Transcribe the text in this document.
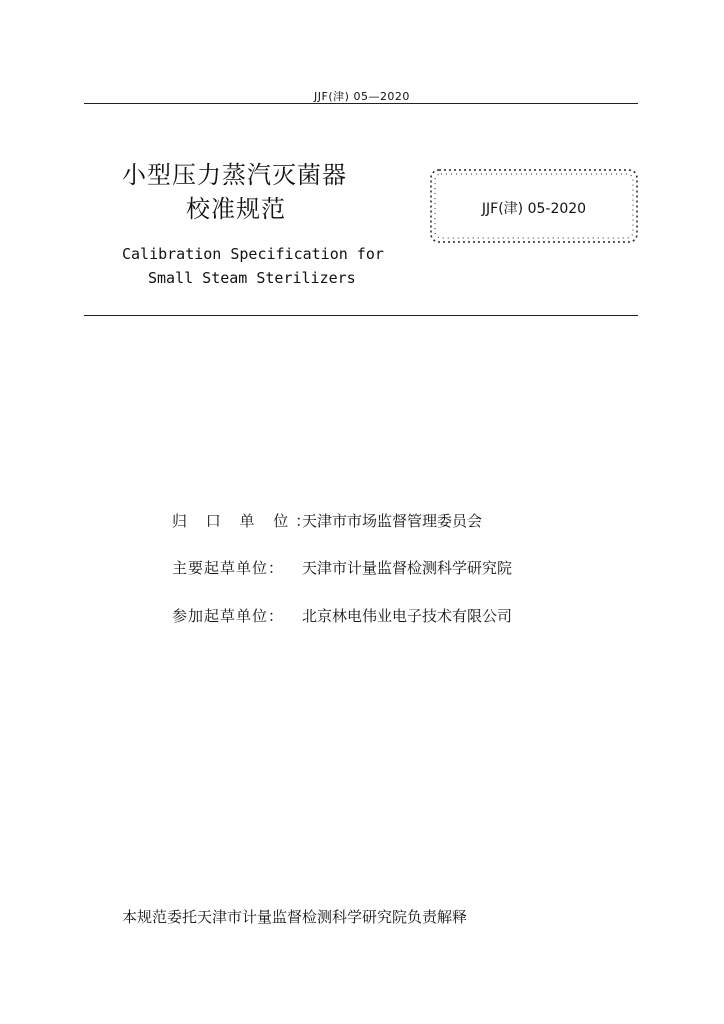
JJF(津) 05—2020
小型压力蒸汽灭菌器
校准规范
Calibration Specification for
Small Steam Sterilizers
JJF(津) 05-2020
归 口 单 位：天津市市场监督管理委员会
主要起草单位： 天津市计量监督检测科学研究院
参加起草单位： 北京林电伟业电子技术有限公司
本规范委托天津市计量监督检测科学研究院负责解释
